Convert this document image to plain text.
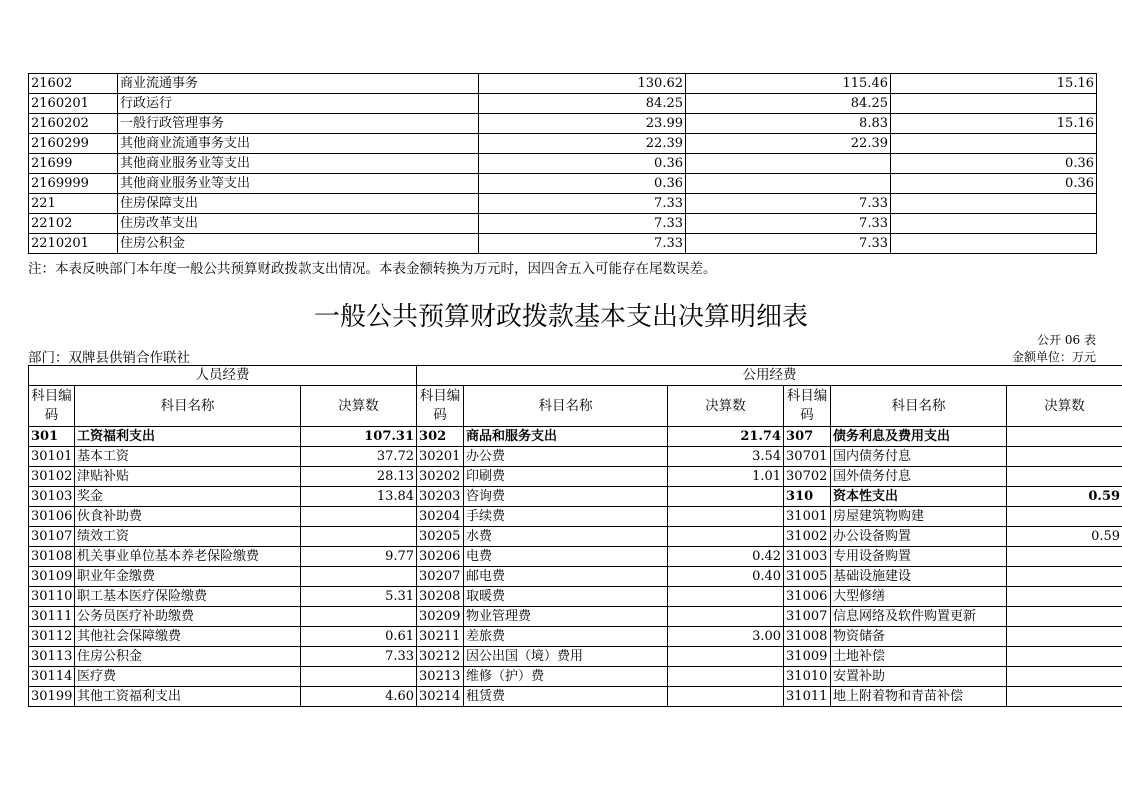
21602	商业流通事务	130.62	115.46	15.16
2160201	行政运行	84.25	84.25	
2160202	一般行政管理事务	23.99	8.83	15.16
2160299	其他商业流通事务支出	22.39	22.39	
21699	其他商业服务业等支出	0.36		0.36
2169999	其他商业服务业等支出	0.36		0.36
221	住房保障支出	7.33	7.33	
22102	住房改革支出	7.33	7.33	
2210201	住房公积金	7.33	7.33	
注：本表反映部门本年度一般公共预算财政拨款支出情况。本表金额转换为万元时，因四舍五入可能存在尾数误差。
一般公共预算财政拨款基本支出决算明细表
公开 06 表
部门：双牌县供销合作联社	金额单位：万元
人员经费			公用经费					
科目编码	科目名称	决算数	科目编码	科目名称	决算数	科目编码	科目名称	决算数
301	工资福利支出	107.31	302	商品和服务支出	21.74	307	债务利息及费用支出	
30101	基本工资	37.72	30201	办公费	3.54	30701	国内债务付息	
30102	津贴补贴	28.13	30202	印刷费	1.01	30702	国外债务付息	
30103	奖金	13.84	30203	咨询费		310	资本性支出	0.59
30106	伙食补助费		30204	手续费		31001	房屋建筑物购建	
30107	绩效工资		30205	水费		31002	办公设备购置	0.59
30108	机关事业单位基本养老保险缴费	9.77	30206	电费	0.42	31003	专用设备购置	
30109	职业年金缴费		30207	邮电费	0.40	31005	基础设施建设	
30110	职工基本医疗保险缴费	5.31	30208	取暖费		31006	大型修缮	
30111	公务员医疗补助缴费		30209	物业管理费		31007	信息网络及软件购置更新	
30112	其他社会保障缴费	0.61	30211	差旅费	3.00	31008	物资储备	
30113	住房公积金	7.33	30212	因公出国（境）费用		31009	土地补偿	
30114	医疗费		30213	维修（护）费		31010	安置补助	
30199	其他工资福利支出	4.60	30214	租赁费		31011	地上附着物和青苗补偿	
